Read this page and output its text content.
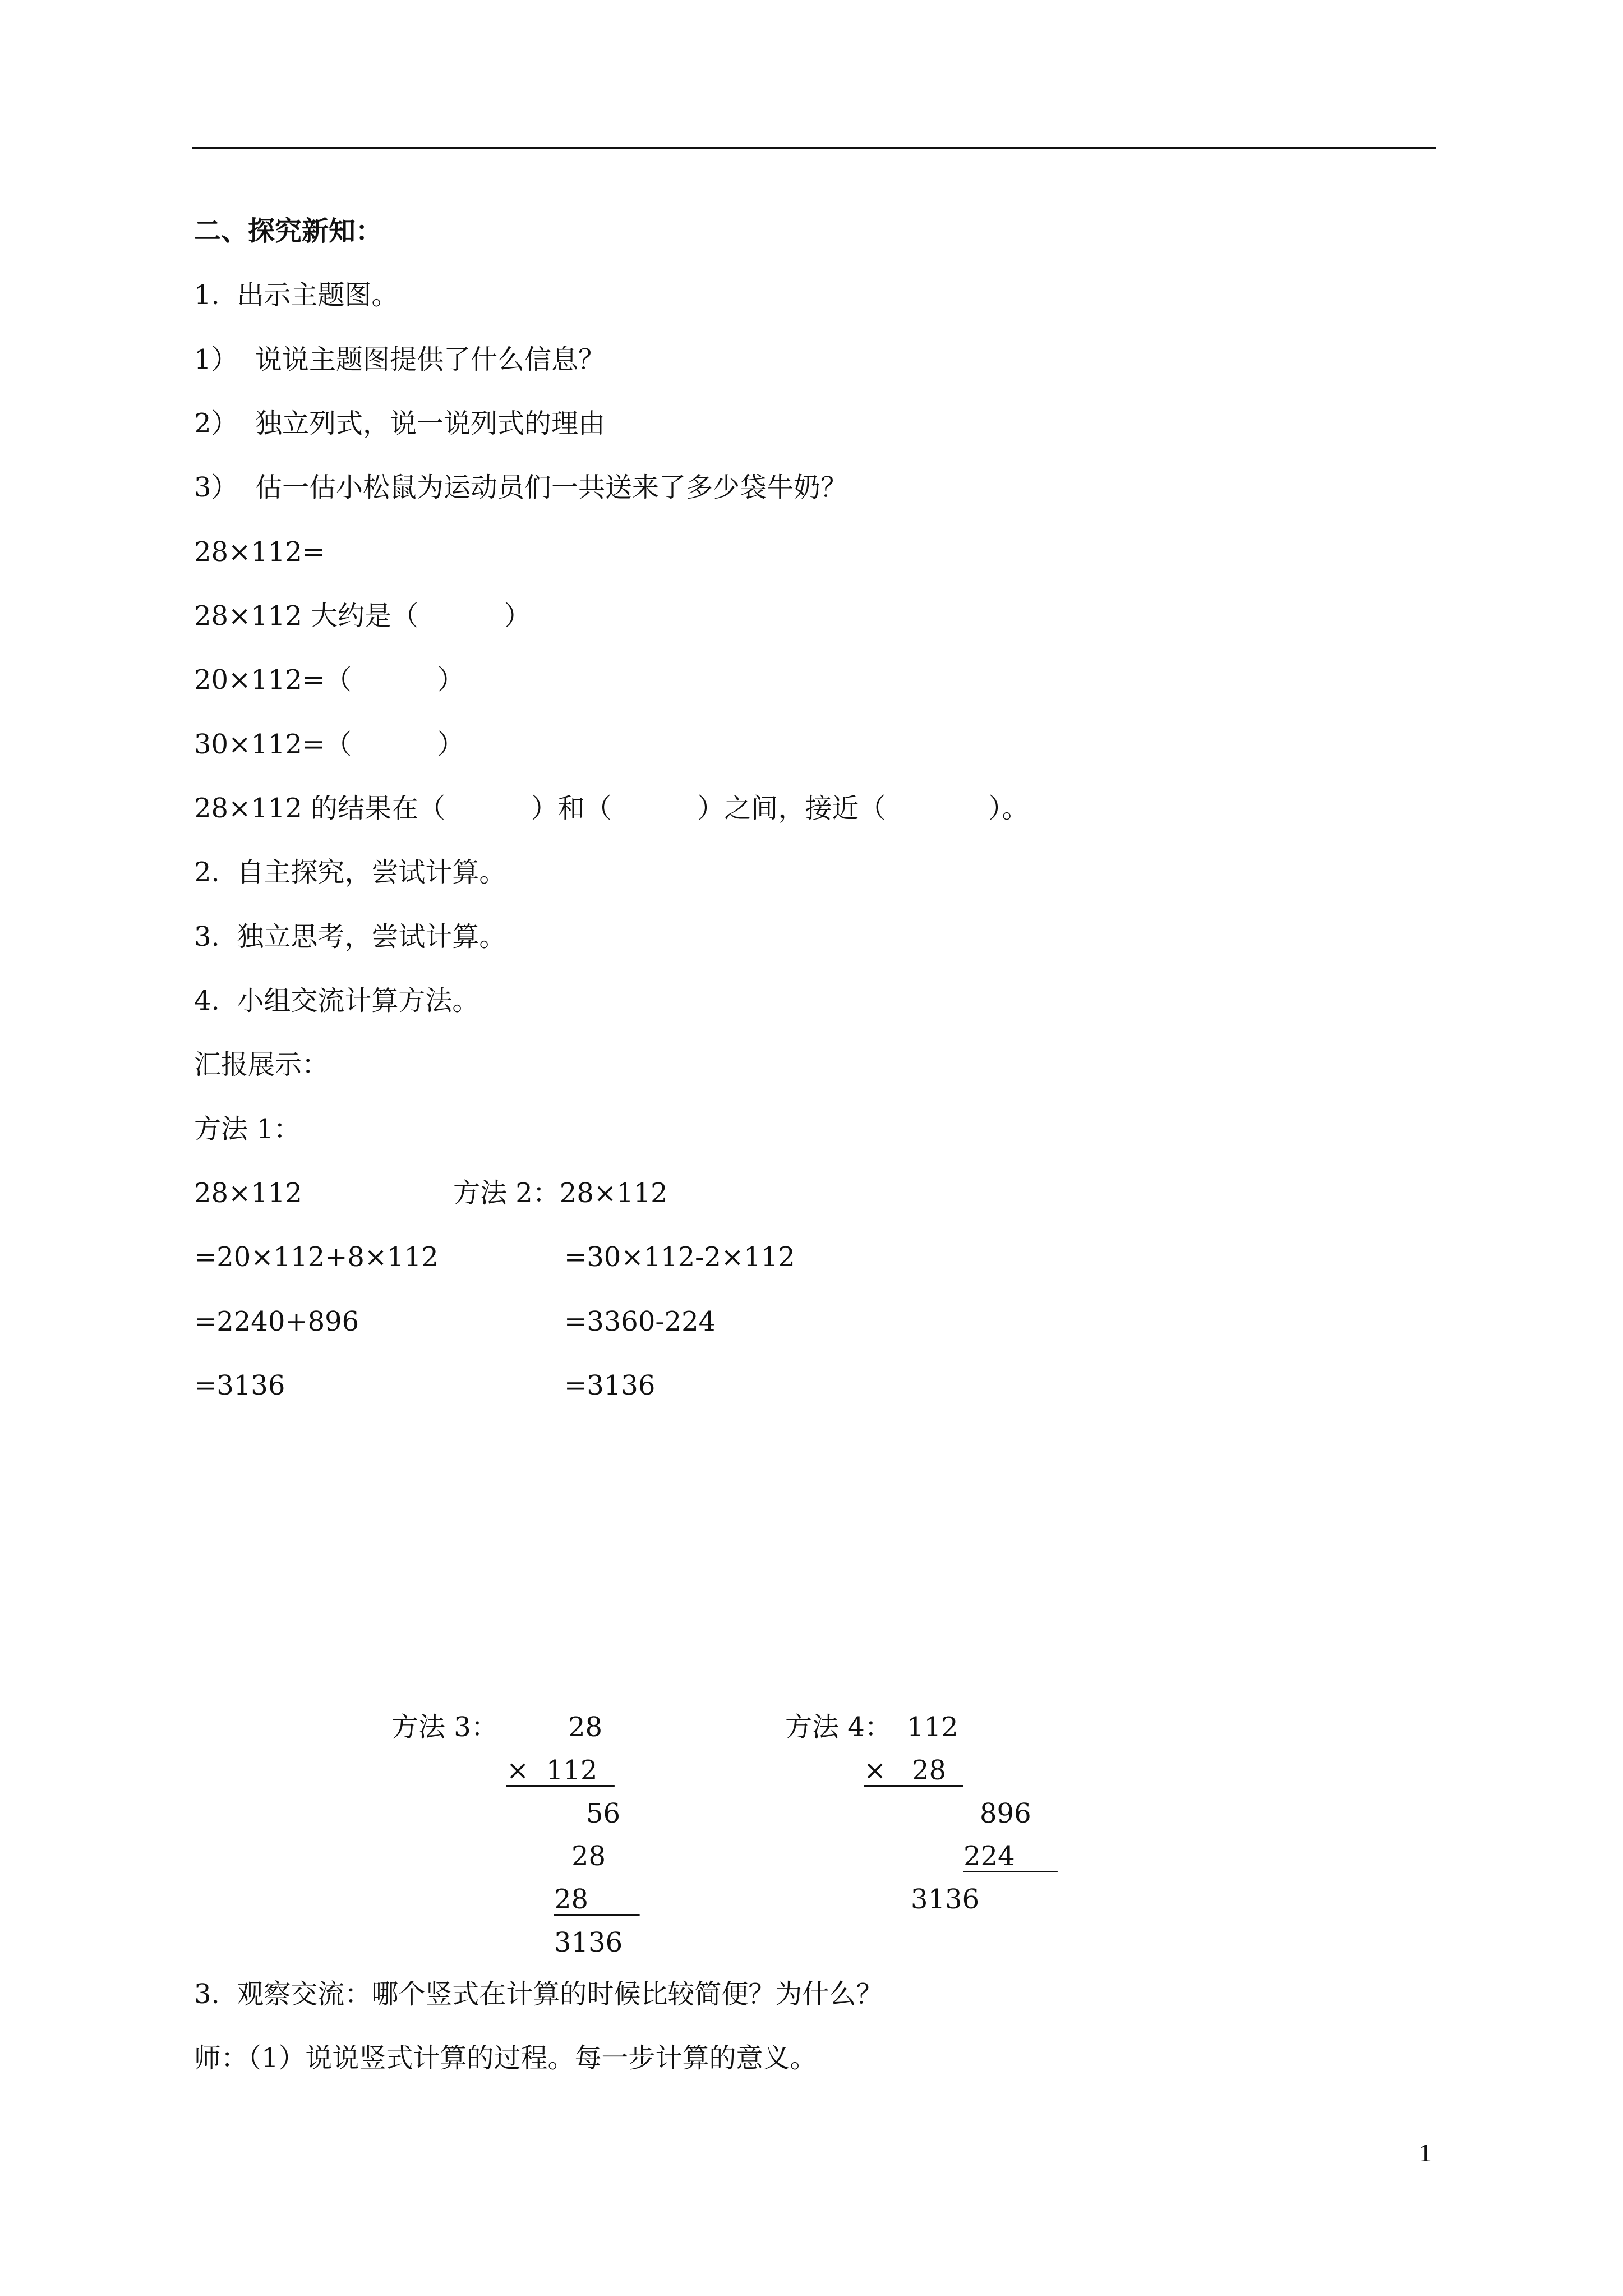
二、探究新知：
1.  出示主题图。
1）  说说主题图提供了什么信息？
2）  独立列式，说一说列式的理由
3）  估一估小松鼠为运动员们一共送来了多少袋牛奶？
28×112=
28×112 大约是（          ）
20×112=（          ）
30×112=（          ）
28×112 的结果在（          ）和（          ）之间，接近（            ）。
2.  自主探究，尝试计算。
3.  独立思考，尝试计算。
4.  小组交流计算方法。
汇报展示：
方法 1：
28×112
=20×112+8×112
=2240+896
=3136
方法 2：28×112
=30×112-2×112
=3360-224
=3136
方法 3：	28
×  112
56
28
28
3136
方法 4： 112
×   28
896
224
3136
3.  观察交流：哪个竖式在计算的时候比较简便？为什么？
师：（1）说说竖式计算的过程。每一步计算的意义。
1
